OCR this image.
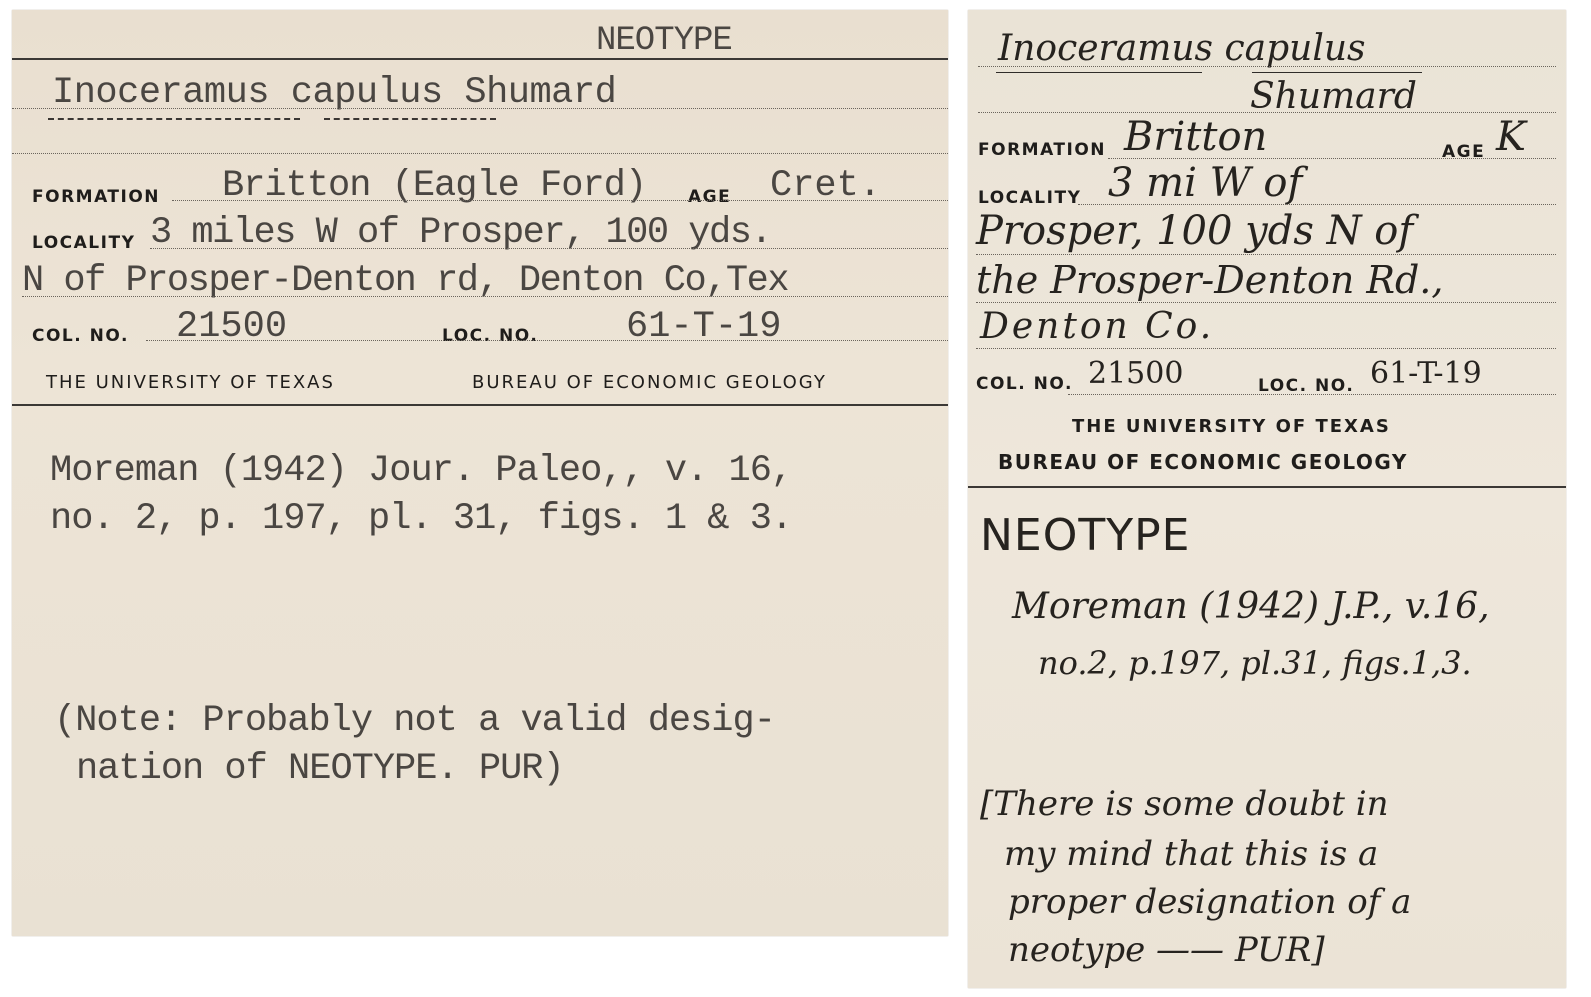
NEOTYPE
Inoceramus capulus Shumard
FORMATION Britton (Eagle Ford) AGE Cret.
LOCALITY 3 miles W of Prosper, 100 yds.
N of Prosper-Denton rd, Denton Co,Tex
COL. NO. 21500	LOC. NO. 61-T-19
THE UNIVERSITY OF TEXAS	BUREAU OF ECONOMIC GEOLOGY
Moreman (1942) Jour. Paleo,, v. 16,
no. 2, p. 197, pl. 31, figs. 1 & 3.
(Note: Probably not a valid desig-
nation of NEOTYPE. PUR)
Inoceramus capulus
Shumard
FORMATION Britton	AGE K
LOCALITY 3 mi W of
Prosper, 100 yds N of
the Prosper-Denton Rd.,
Denton Co.
COL. NO. 21500	LOC. NO. 61-T-19
THE UNIVERSITY OF TEXAS
BUREAU OF ECONOMIC GEOLOGY
NEOTYPE
Moreman (1942) J.P., v.16,
no.2, p.197, pl.31, figs.1,3.
[There is some doubt in
my mind that this is a
proper designation of a
neotype —— PUR]
